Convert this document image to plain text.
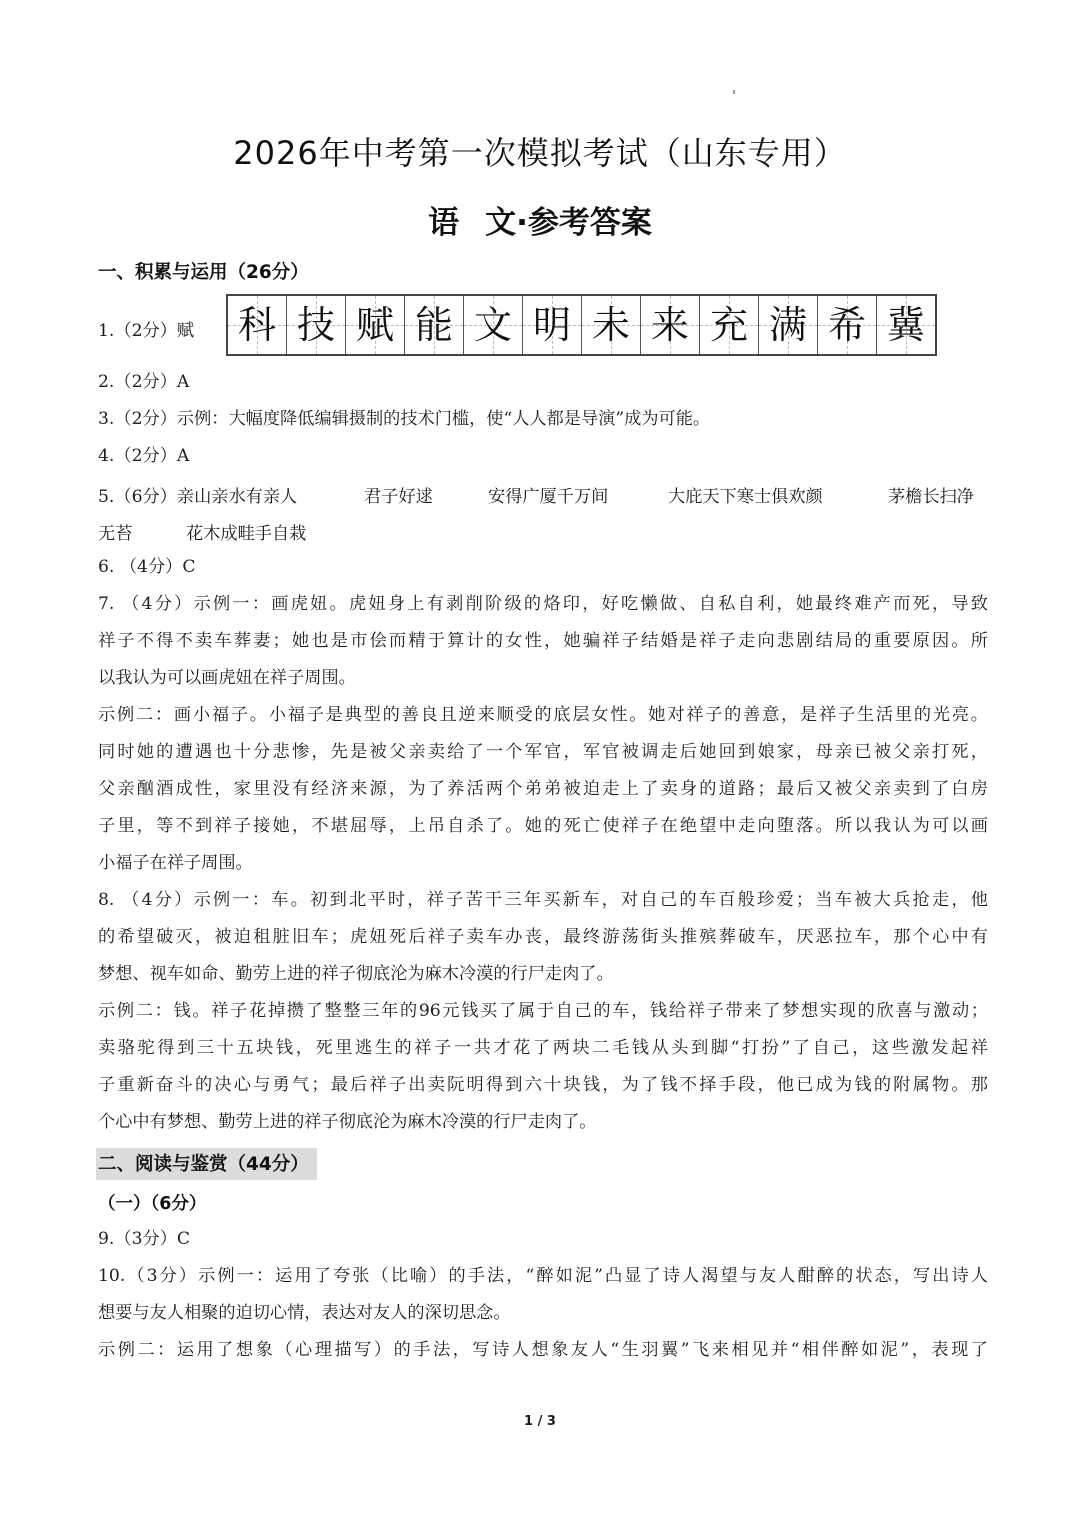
2026年中考第一次模拟考试（山东专用）
语 文·参考答案
一、积累与运用（26分）
1.（2分）赋 科 技 赋 能 文 明 未 来 充 满 希 冀
2.（2分）A
3.（2分）示例：大幅度降低编辑摄制的技术门槛，使“人人都是导演”成为可能。
4.（2分）A
5.（6分）亲山亲水有亲人	君子好逑	安得广厦千万间	大庇天下寒士俱欢颜	茅檐长扫净
无苔	花木成畦手自栽
6. （4分）C
7. （4分）示例一：画虎妞。虎妞身上有剥削阶级的烙印，好吃懒做、自私自利，她最终难产而死，导致
祥子不得不卖车葬妻；她也是市侩而精于算计的女性，她骗祥子结婚是祥子走向悲剧结局的重要原因。所
以我认为可以画虎妞在祥子周围。
示例二：画小福子。小福子是典型的善良且逆来顺受的底层女性。她对祥子的善意，是祥子生活里的光亮。
同时她的遭遇也十分悲惨，先是被父亲卖给了一个军官，军官被调走后她回到娘家，母亲已被父亲打死，
父亲酗酒成性，家里没有经济来源，为了养活两个弟弟被迫走上了卖身的道路；最后又被父亲卖到了白房
子里，等不到祥子接她，不堪屈辱，上吊自杀了。她的死亡使祥子在绝望中走向堕落。所以我认为可以画
小福子在祥子周围。
8. （4分）示例一：车。初到北平时，祥子苦干三年买新车，对自己的车百般珍爱；当车被大兵抢走，他
的希望破灭，被迫租脏旧车；虎妞死后祥子卖车办丧，最终游荡街头推殡葬破车，厌恶拉车，那个心中有
梦想、视车如命、勤劳上进的祥子彻底沦为麻木冷漠的行尸走肉了。
示例二：钱。祥子花掉攒了整整三年的96元钱买了属于自己的车，钱给祥子带来了梦想实现的欣喜与激动；
卖骆驼得到三十五块钱，死里逃生的祥子一共才花了两块二毛钱从头到脚“打扮”了自己，这些激发起祥
子重新奋斗的决心与勇气；最后祥子出卖阮明得到六十块钱，为了钱不择手段，他已成为钱的附属物。那
个心中有梦想、勤劳上进的祥子彻底沦为麻木冷漠的行尸走肉了。
二、阅读与鉴赏（44分）
（一）（6分）
9.（3分）C
10.（3分）示例一：运用了夸张（比喻）的手法，“醉如泥”凸显了诗人渴望与友人酣醉的状态，写出诗人
想要与友人相聚的迫切心情，表达对友人的深切思念。
示例二：运用了想象（心理描写）的手法，写诗人想象友人“生羽翼”飞来相见并“相伴醉如泥”，表现了
1 / 3
